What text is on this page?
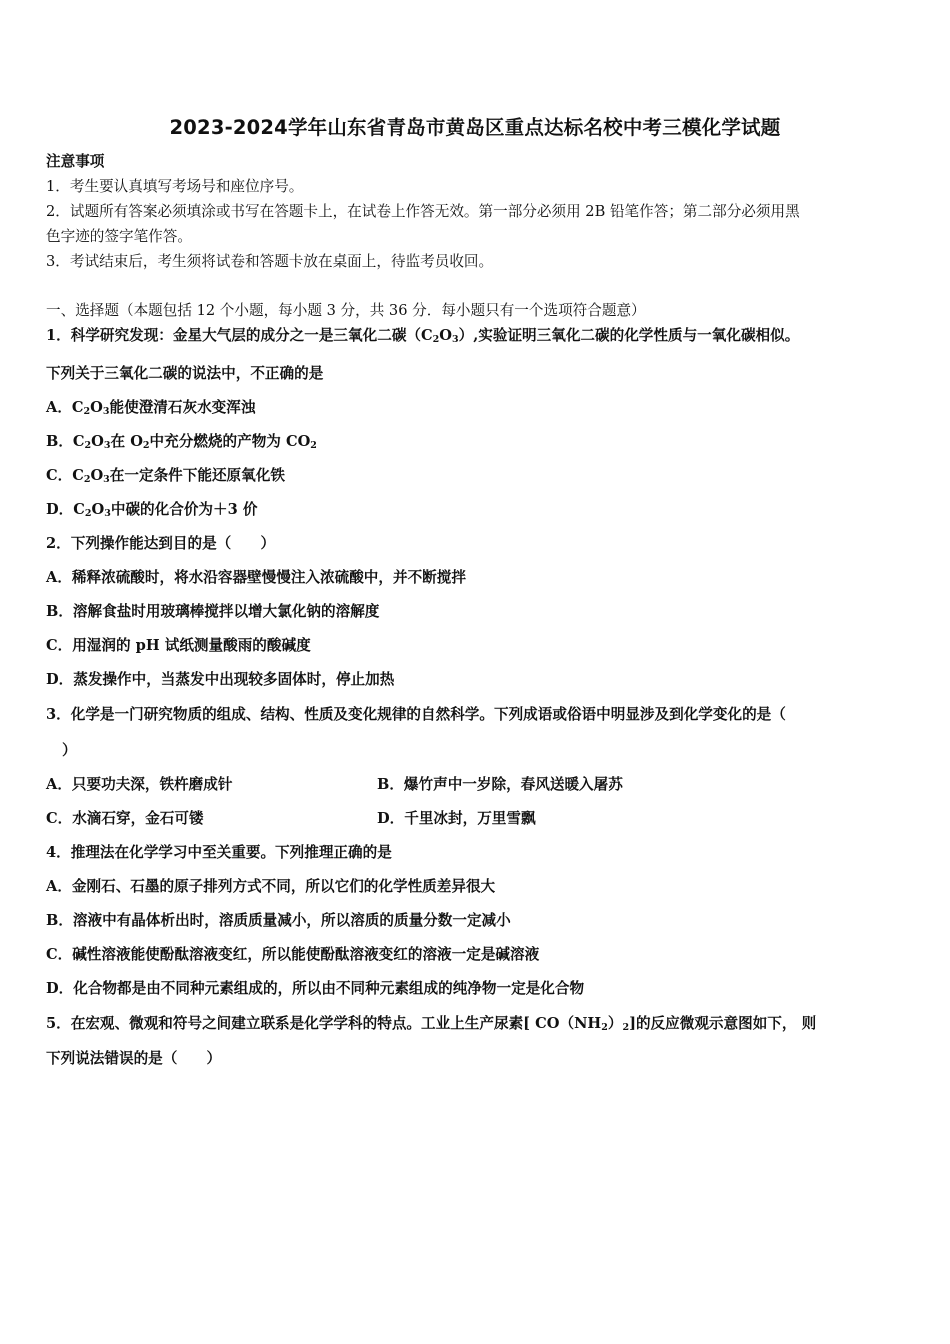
2023-2024学年山东省青岛市黄岛区重点达标名校中考三模化学试题
注意事项
1．考生要认真填写考场号和座位序号。
2．试题所有答案必须填涂或书写在答题卡上，在试卷上作答无效。第一部分必须用 2B 铅笔作答；第二部分必须用黑
色字迹的签字笔作答。
3．考试结束后，考生须将试卷和答题卡放在桌面上，待监考员收回。
一、选择题（本题包括 12 个小题，每小题 3 分，共 36 分．每小题只有一个选项符合题意）
1．科学研究发现：金星大气层的成分之一是三氧化二碳$(C_2O_3)$,实验证明三氧化二碳的化学性质与一氧化碳相似。
下列关于三氧化二碳的说法中，不正确的是
A．$C_2O_3$能使澄清石灰水变浑浊
B．$C_2O_3$在 $O_2$中充分燃烧的产物为 $CO_2$
C．$C_2O_3$在一定条件下能还原氧化铁
D．$C_2O_3$中碳的化合价为＋3 价
2．下列操作能达到目的是（　　）
A．稀释浓硫酸时，将水沿容器壁慢慢注入浓硫酸中，并不断搅拌
B．溶解食盐时用玻璃棒搅拌以增大氯化钠的溶解度
C．用湿润的 pH 试纸测量酸雨的酸碱度
D．蒸发操作中，当蒸发中出现较多固体时，停止加热
3．化学是一门研究物质的组成、结构、性质及变化规律的自然科学。下列成语或俗语中明显涉及到化学变化的是（
）
A．只要功夫深，铁杵磨成针	B．爆竹声中一岁除，春风送暖入屠苏
C．水滴石穿，金石可镂	D．千里冰封，万里雪飘
4．推理法在化学学习中至关重要。下列推理正确的是
A．金刚石、石墨的原子排列方式不同，所以它们的化学性质差异很大
B．溶液中有晶体析出时，溶质质量减小，所以溶质的质量分数一定减小
C．碱性溶液能使酚酞溶液变红，所以能使酚酞溶液变红的溶液一定是碱溶液
D．化合物都是由不同种元素组成的，所以由不同种元素组成的纯净物一定是化合物
5．在宏观、微观和符号之间建立联系是化学学科的特点。工业上生产尿素[ $CO(NH_2)_2$]的反应微观示意图如下， 则
下列说法错误的是（　　）
